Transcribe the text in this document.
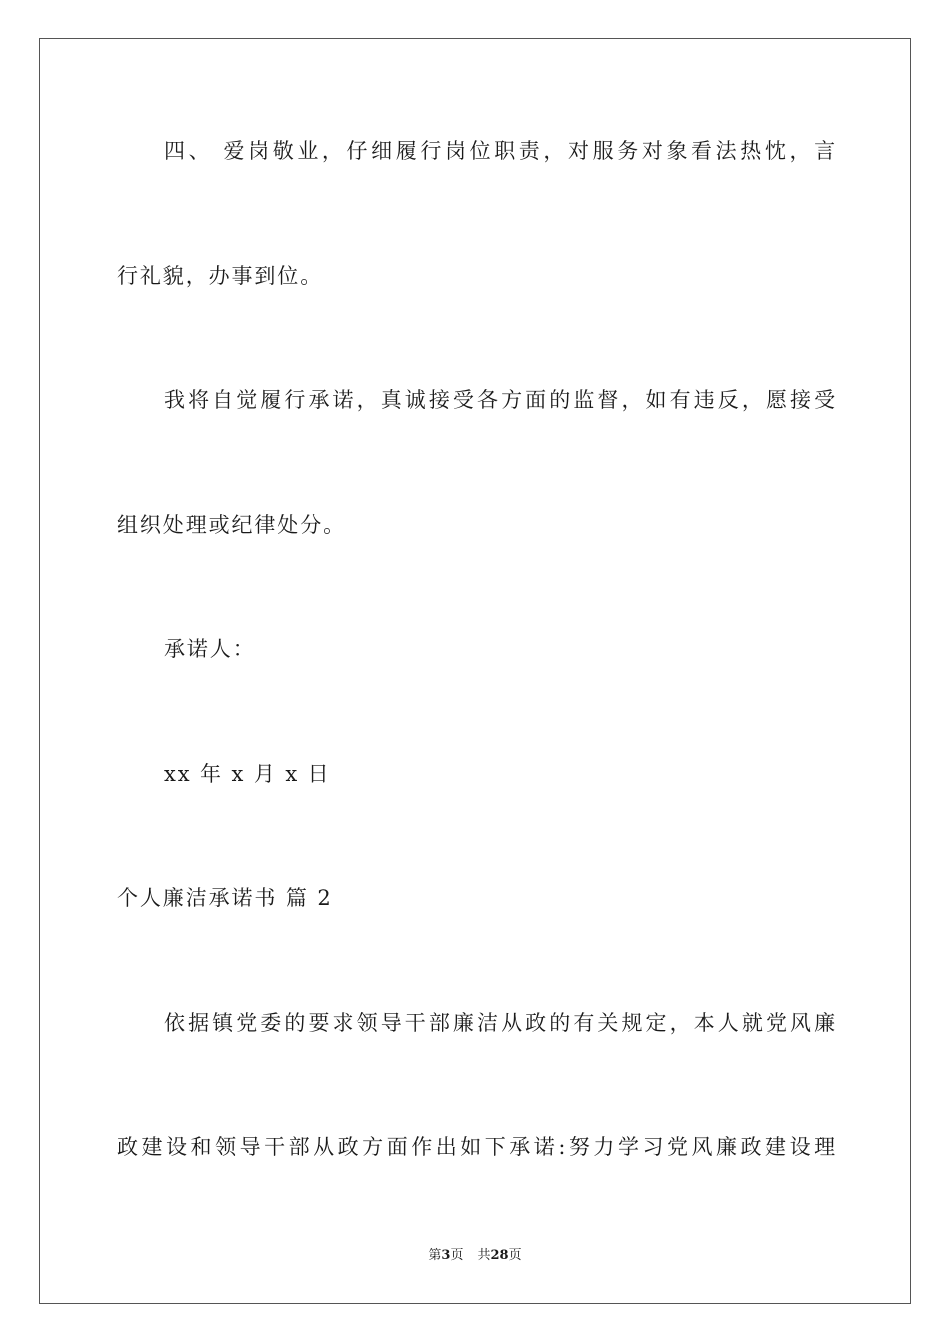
四、 爱岗敬业，仔细履行岗位职责，对服务对象看法热忱，言
行礼貌，办事到位。
我将自觉履行承诺，真诚接受各方面的监督，如有违反，愿接受
组织处理或纪律处分。
承诺人：
xx 年 x 月 x 日
个人廉洁承诺书 篇 2
依据镇党委的要求领导干部廉洁从政的有关规定，本人就党风廉
政建设和领导干部从政方面作出如下承诺:努力学习党风廉政建设理
第3页 共28页
